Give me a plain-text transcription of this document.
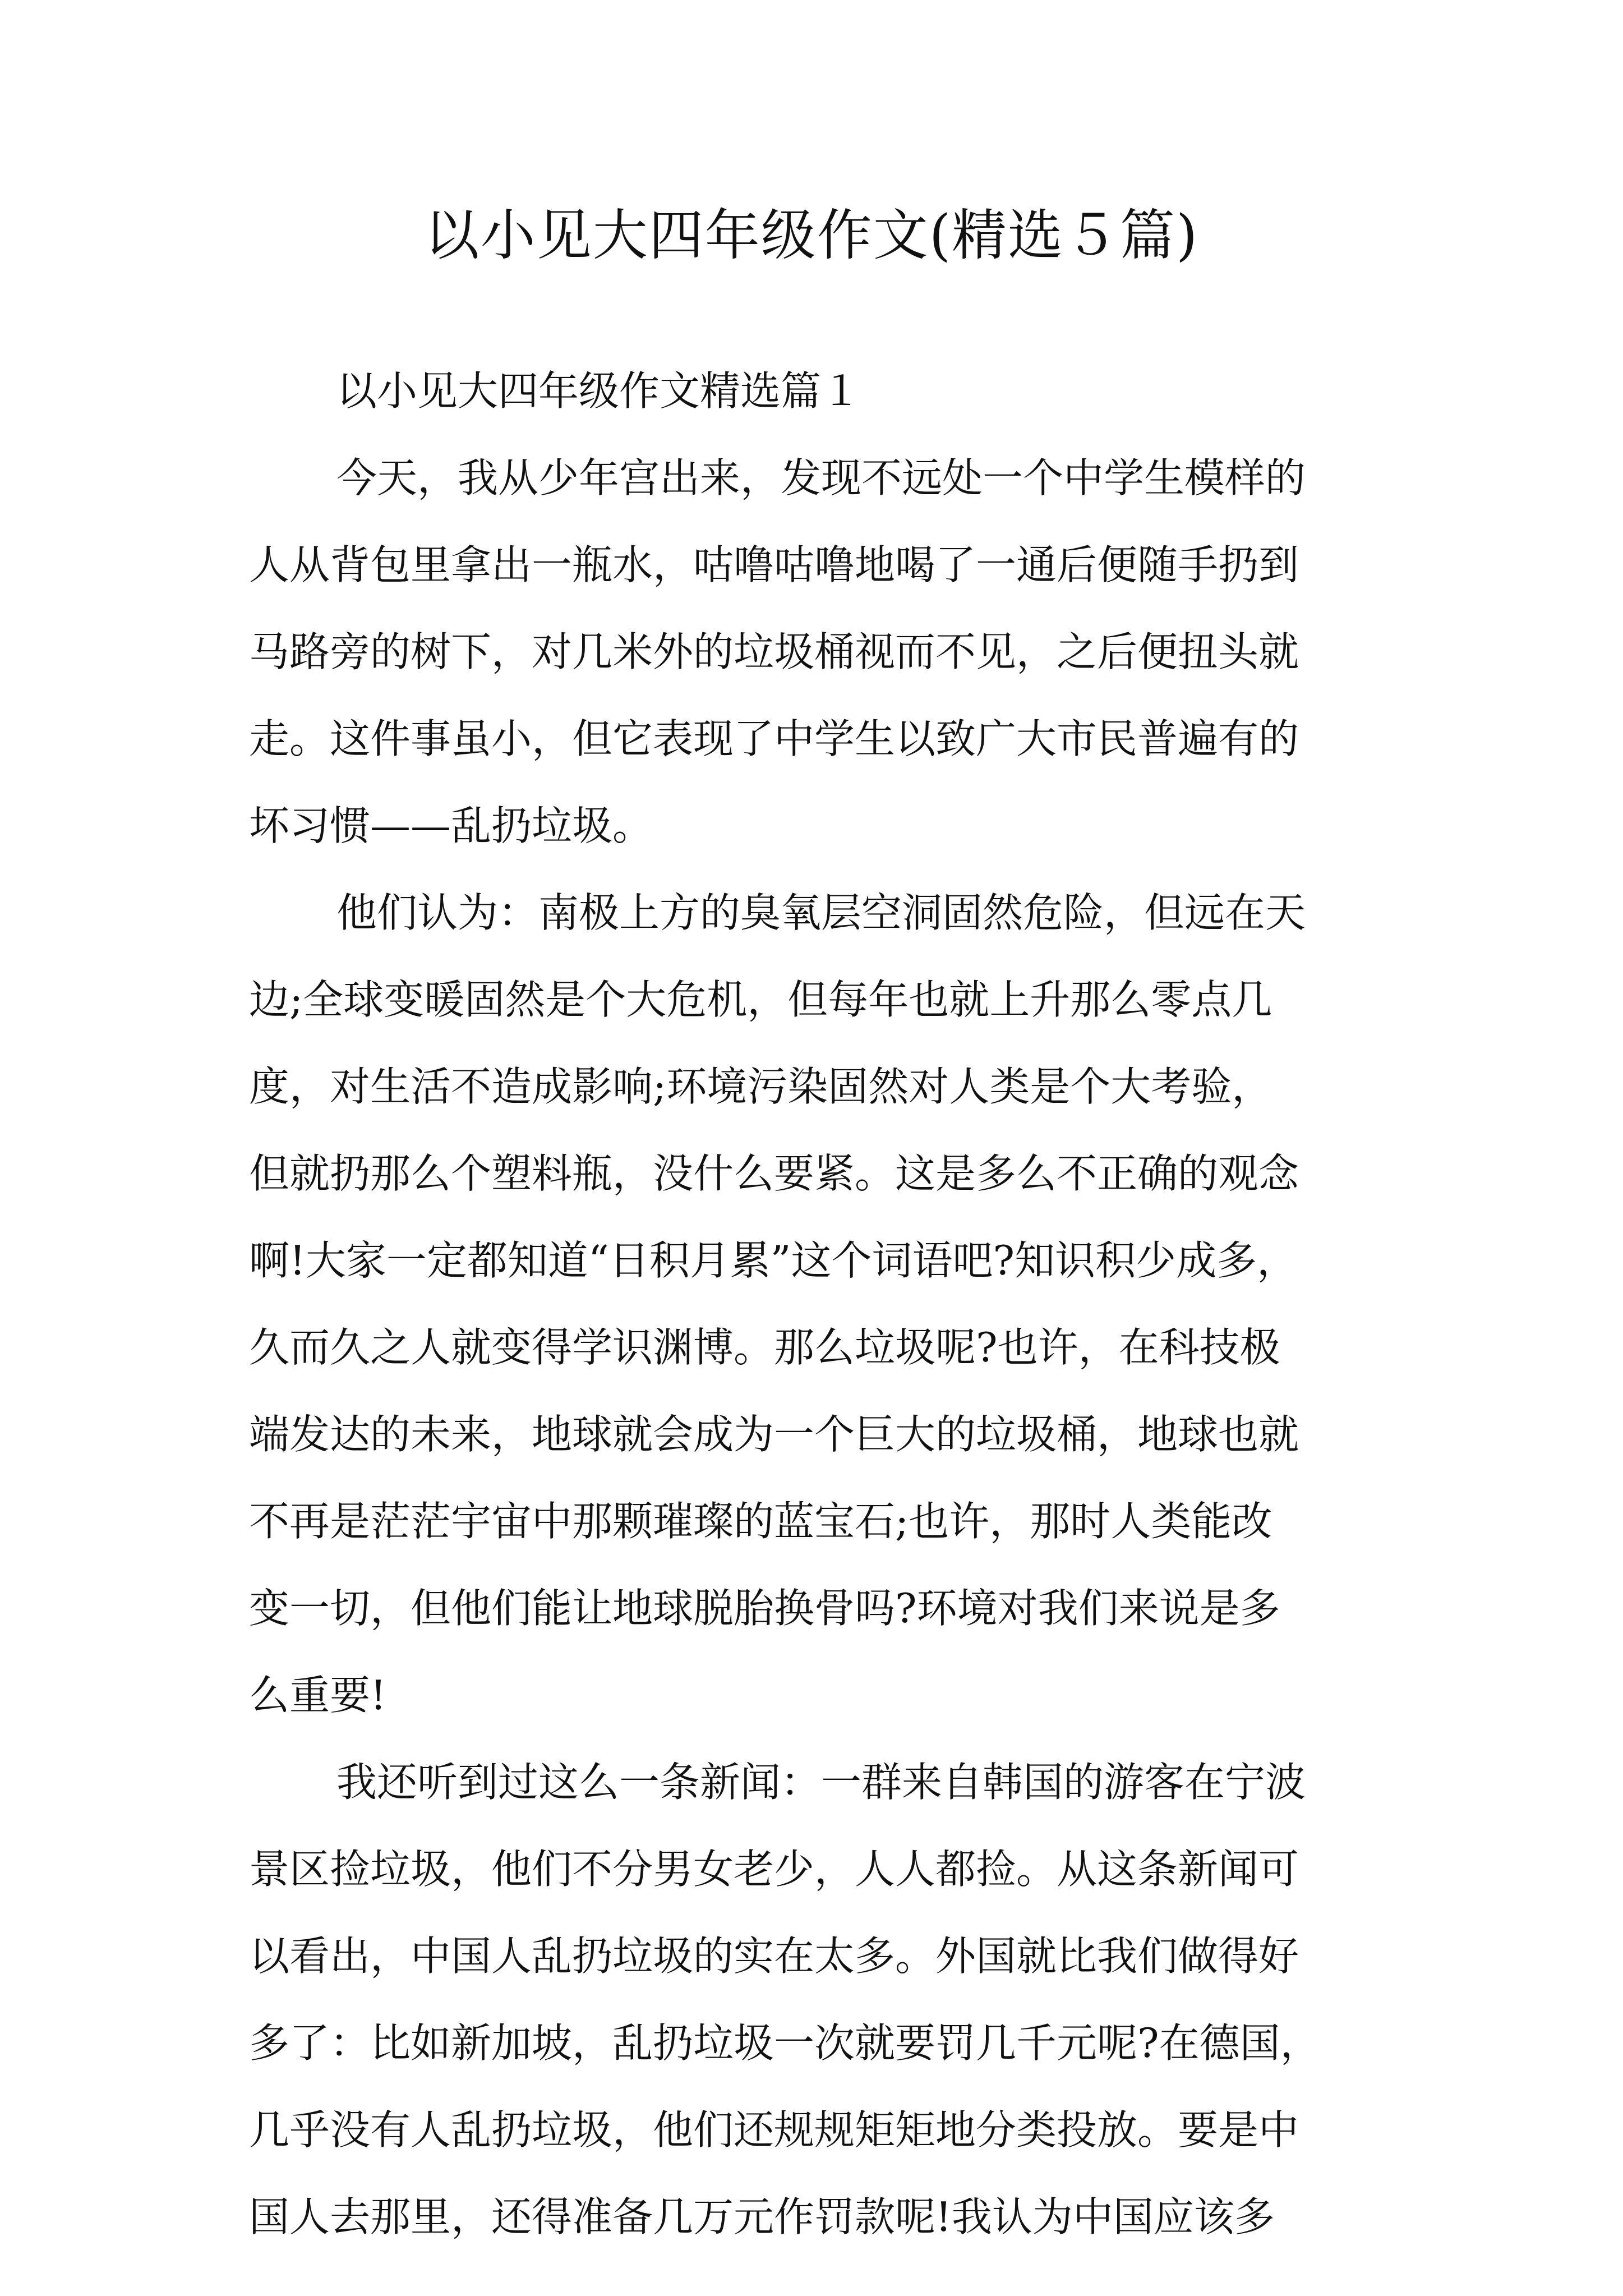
以小见大四年级作文(精选５篇)

以小见大四年级作文精选篇１

今天，我从少年宫出来，发现不远处一个中学生模样的

人从背包里拿出一瓶水，咕噜咕噜地喝了一通后便随手扔到

马路旁的树下，对几米外的垃圾桶视而不见，之后便扭头就

走。这件事虽小，但它表现了中学生以致广大市民普遍有的

坏习惯——乱扔垃圾。

他们认为：南极上方的臭氧层空洞固然危险，但远在天

边;全球变暖固然是个大危机，但每年也就上升那么零点几

度，对生活不造成影响;环境污染固然对人类是个大考验，

但就扔那么个塑料瓶，没什么要紧。这是多么不正确的观念

啊!大家一定都知道“日积月累”这个词语吧?知识积少成多，

久而久之人就变得学识渊博。那么垃圾呢?也许，在科技极

端发达的未来，地球就会成为一个巨大的垃圾桶，地球也就

不再是茫茫宇宙中那颗璀璨的蓝宝石;也许，那时人类能改

变一切，但他们能让地球脱胎换骨吗?环境对我们来说是多

么重要!

我还听到过这么一条新闻：一群来自韩国的游客在宁波

景区捡垃圾，他们不分男女老少，人人都捡。从这条新闻可

以看出，中国人乱扔垃圾的实在太多。外国就比我们做得好

多了：比如新加坡，乱扔垃圾一次就要罚几千元呢?在德国，

几乎没有人乱扔垃圾，他们还规规矩矩地分类投放。要是中

国人去那里，还得准备几万元作罚款呢!我认为中国应该多
